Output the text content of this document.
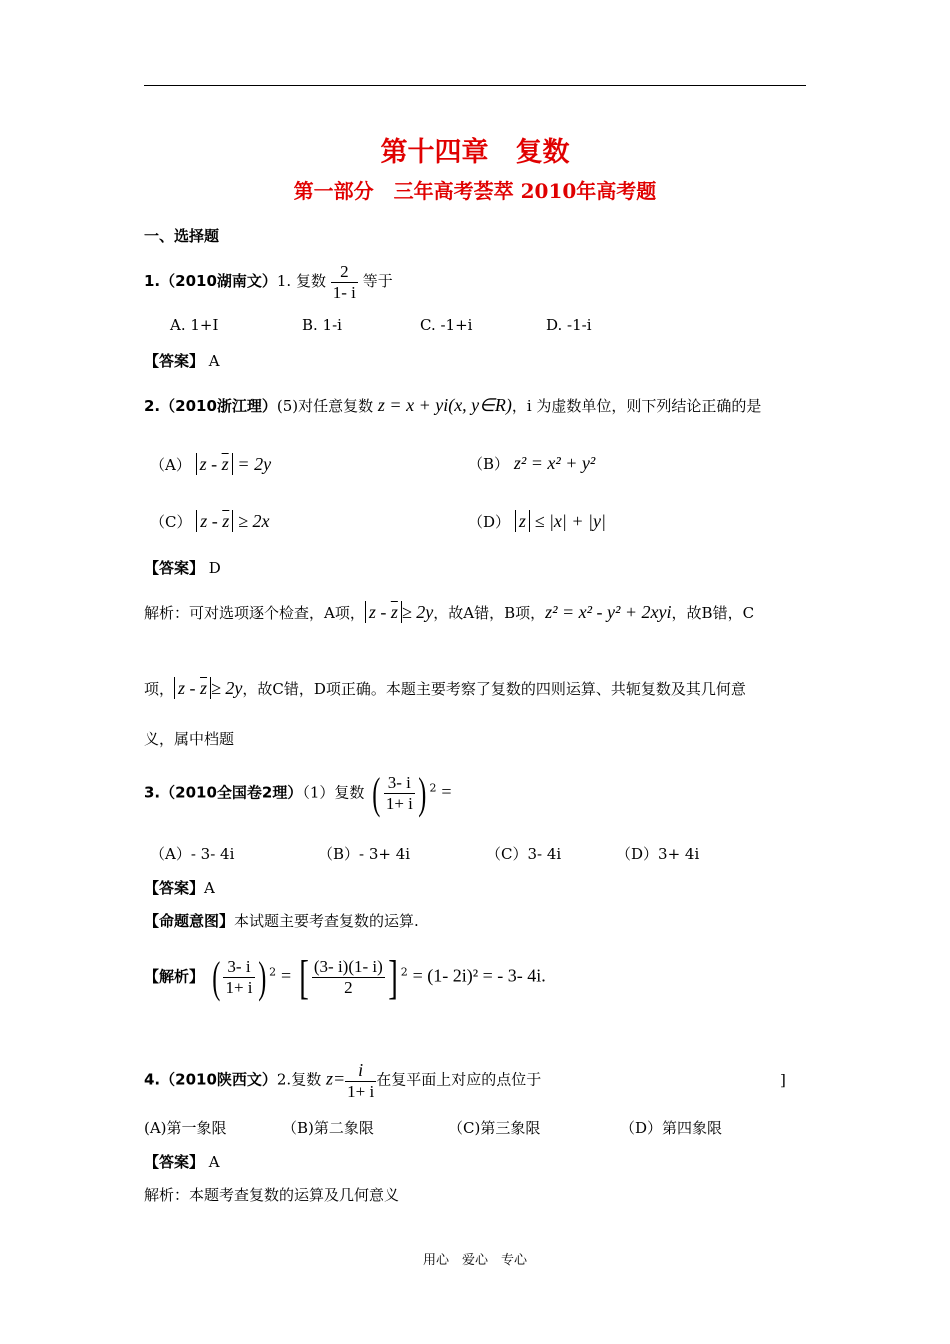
第十四章　复数
第一部分　三年高考荟萃 2010年高考题
一、选择题
1.（2010湖南文）1. 复数 $\frac{2}{1- i}$ 等于
A. 1+I	B. 1-i	C. -1+i	D. -1-i
【答案】 A
2.（2010浙江理）(5)对任意复数 z = x + yi(x, y∈R)，i 为虚数单位，则下列结论正确的是
（A） $z - \overline{z} = 2y$	（B） z² = x² + y²
（C） $z - \overline{z} \ge 2x$	（D） z ≤ |x| + |y|
【答案】 D
解析：可对选项逐个检查，A项， $z - \overline{z} \ge 2y$，故A错，B项，z² = x² - y² + 2xyi，故B错，C
项， $z - \overline{z} \ge 2y$，故C错，D项正确。本题主要考察了复数的四则运算、共轭复数及其几何意
义，属中档题
3.（2010全国卷2理）（1）复数 ( $\frac{3- i}{1+ i}$ ) $^2$ =
（A）- 3- 4i	（B）- 3+ 4i	（C）3- 4i	（D）3+ 4i
【答案】A
【命题意图】本试题主要考查复数的运算.
【解析】 ( $\frac{3- i}{1+ i}$ ) $^2$ = [ $\frac{(3- i)(1- i)}{2}$ ] $^2$ = (1- 2i)² = - 3- 4i.
4.（2010陕西文）2.复数 $z= \frac{i}{1+ i}$ 在复平面上对应的点位于	]
(A)第一象限	（B)第二象限	（C)第三象限	（D）第四象限
【答案】 A
解析：本题考查复数的运算及几何意义
用心　爱心　专心
